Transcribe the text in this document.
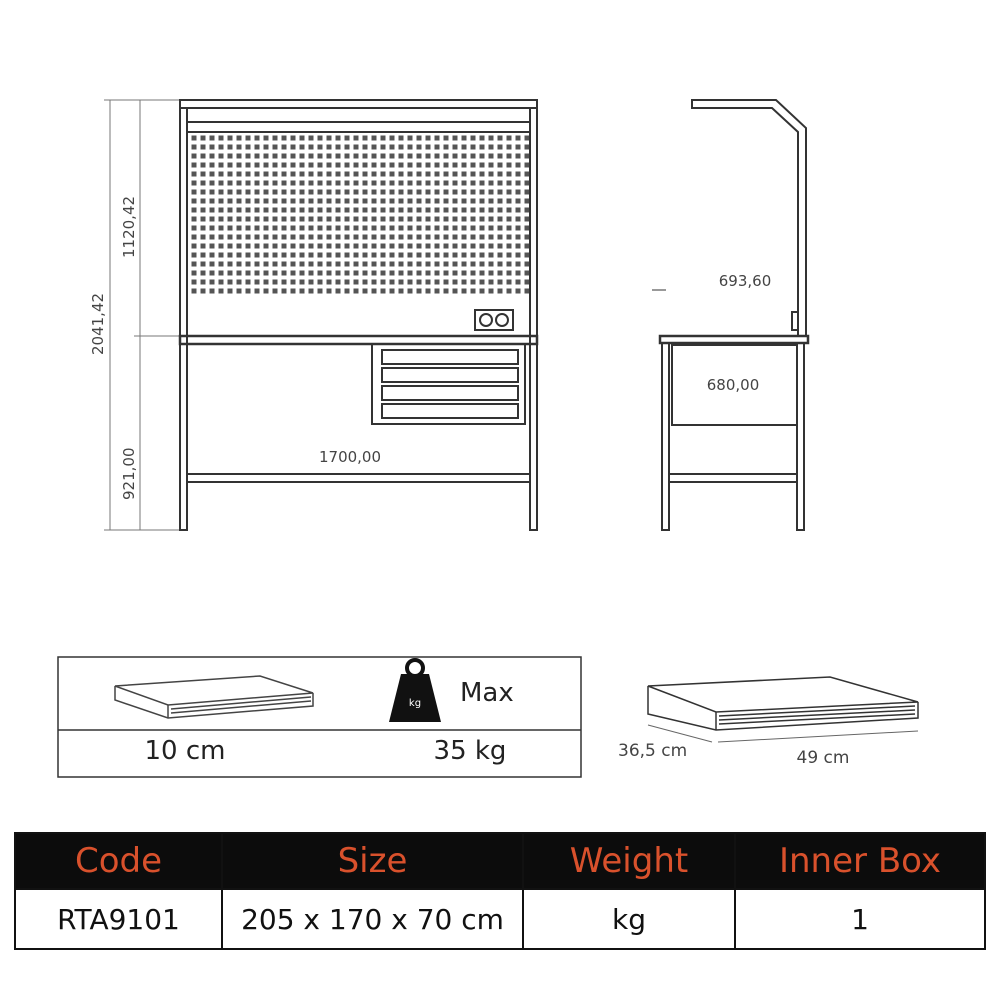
2041,42
1120,42
921,00	1700,00
693,60
680,00
kg Max
10 cm	35 kg	36,5 cm	49 cm
Code	Size	Weight	Inner Box
RTA9101	205 x 170 x 70 cm	kg	1
